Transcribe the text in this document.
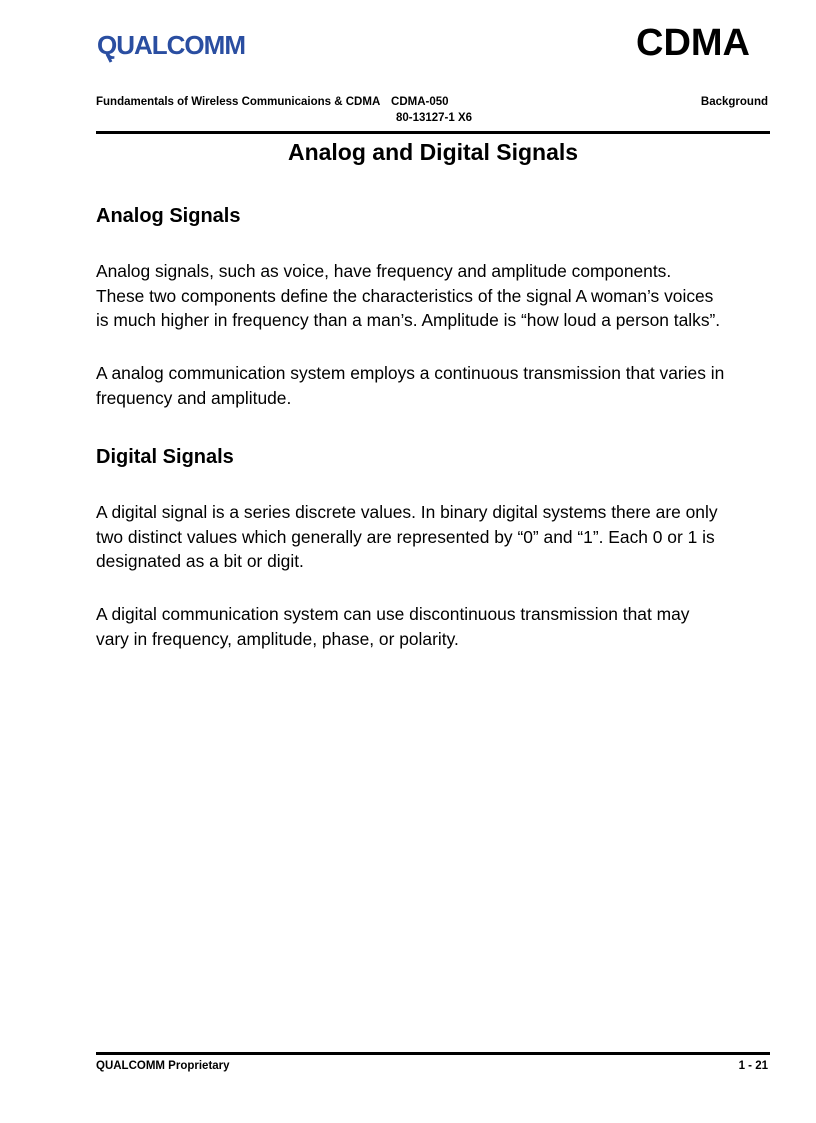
QUALCOMM	CDMA
Fundamentals of Wireless Communicaions & CDMA CDMA-050
80-13127-1 X6
Background
Analog and Digital Signals
Analog Signals
Analog signals, such as voice, have frequency and amplitude components.
These two components define the characteristics of the signal A woman’s voices
is much higher in frequency than a man’s. Amplitude is “how loud a person talks”.
A analog communication system employs a continuous transmission that varies in
frequency and amplitude.
Digital Signals
A digital signal is a series discrete values. In binary digital systems there are only
two distinct values which generally are represented by “0” and “1”. Each 0 or 1 is
designated as a bit or digit.
A digital communication system can use discontinuous transmission that may
vary in frequency, amplitude, phase, or polarity.
QUALCOMM Proprietary	1 - 21
